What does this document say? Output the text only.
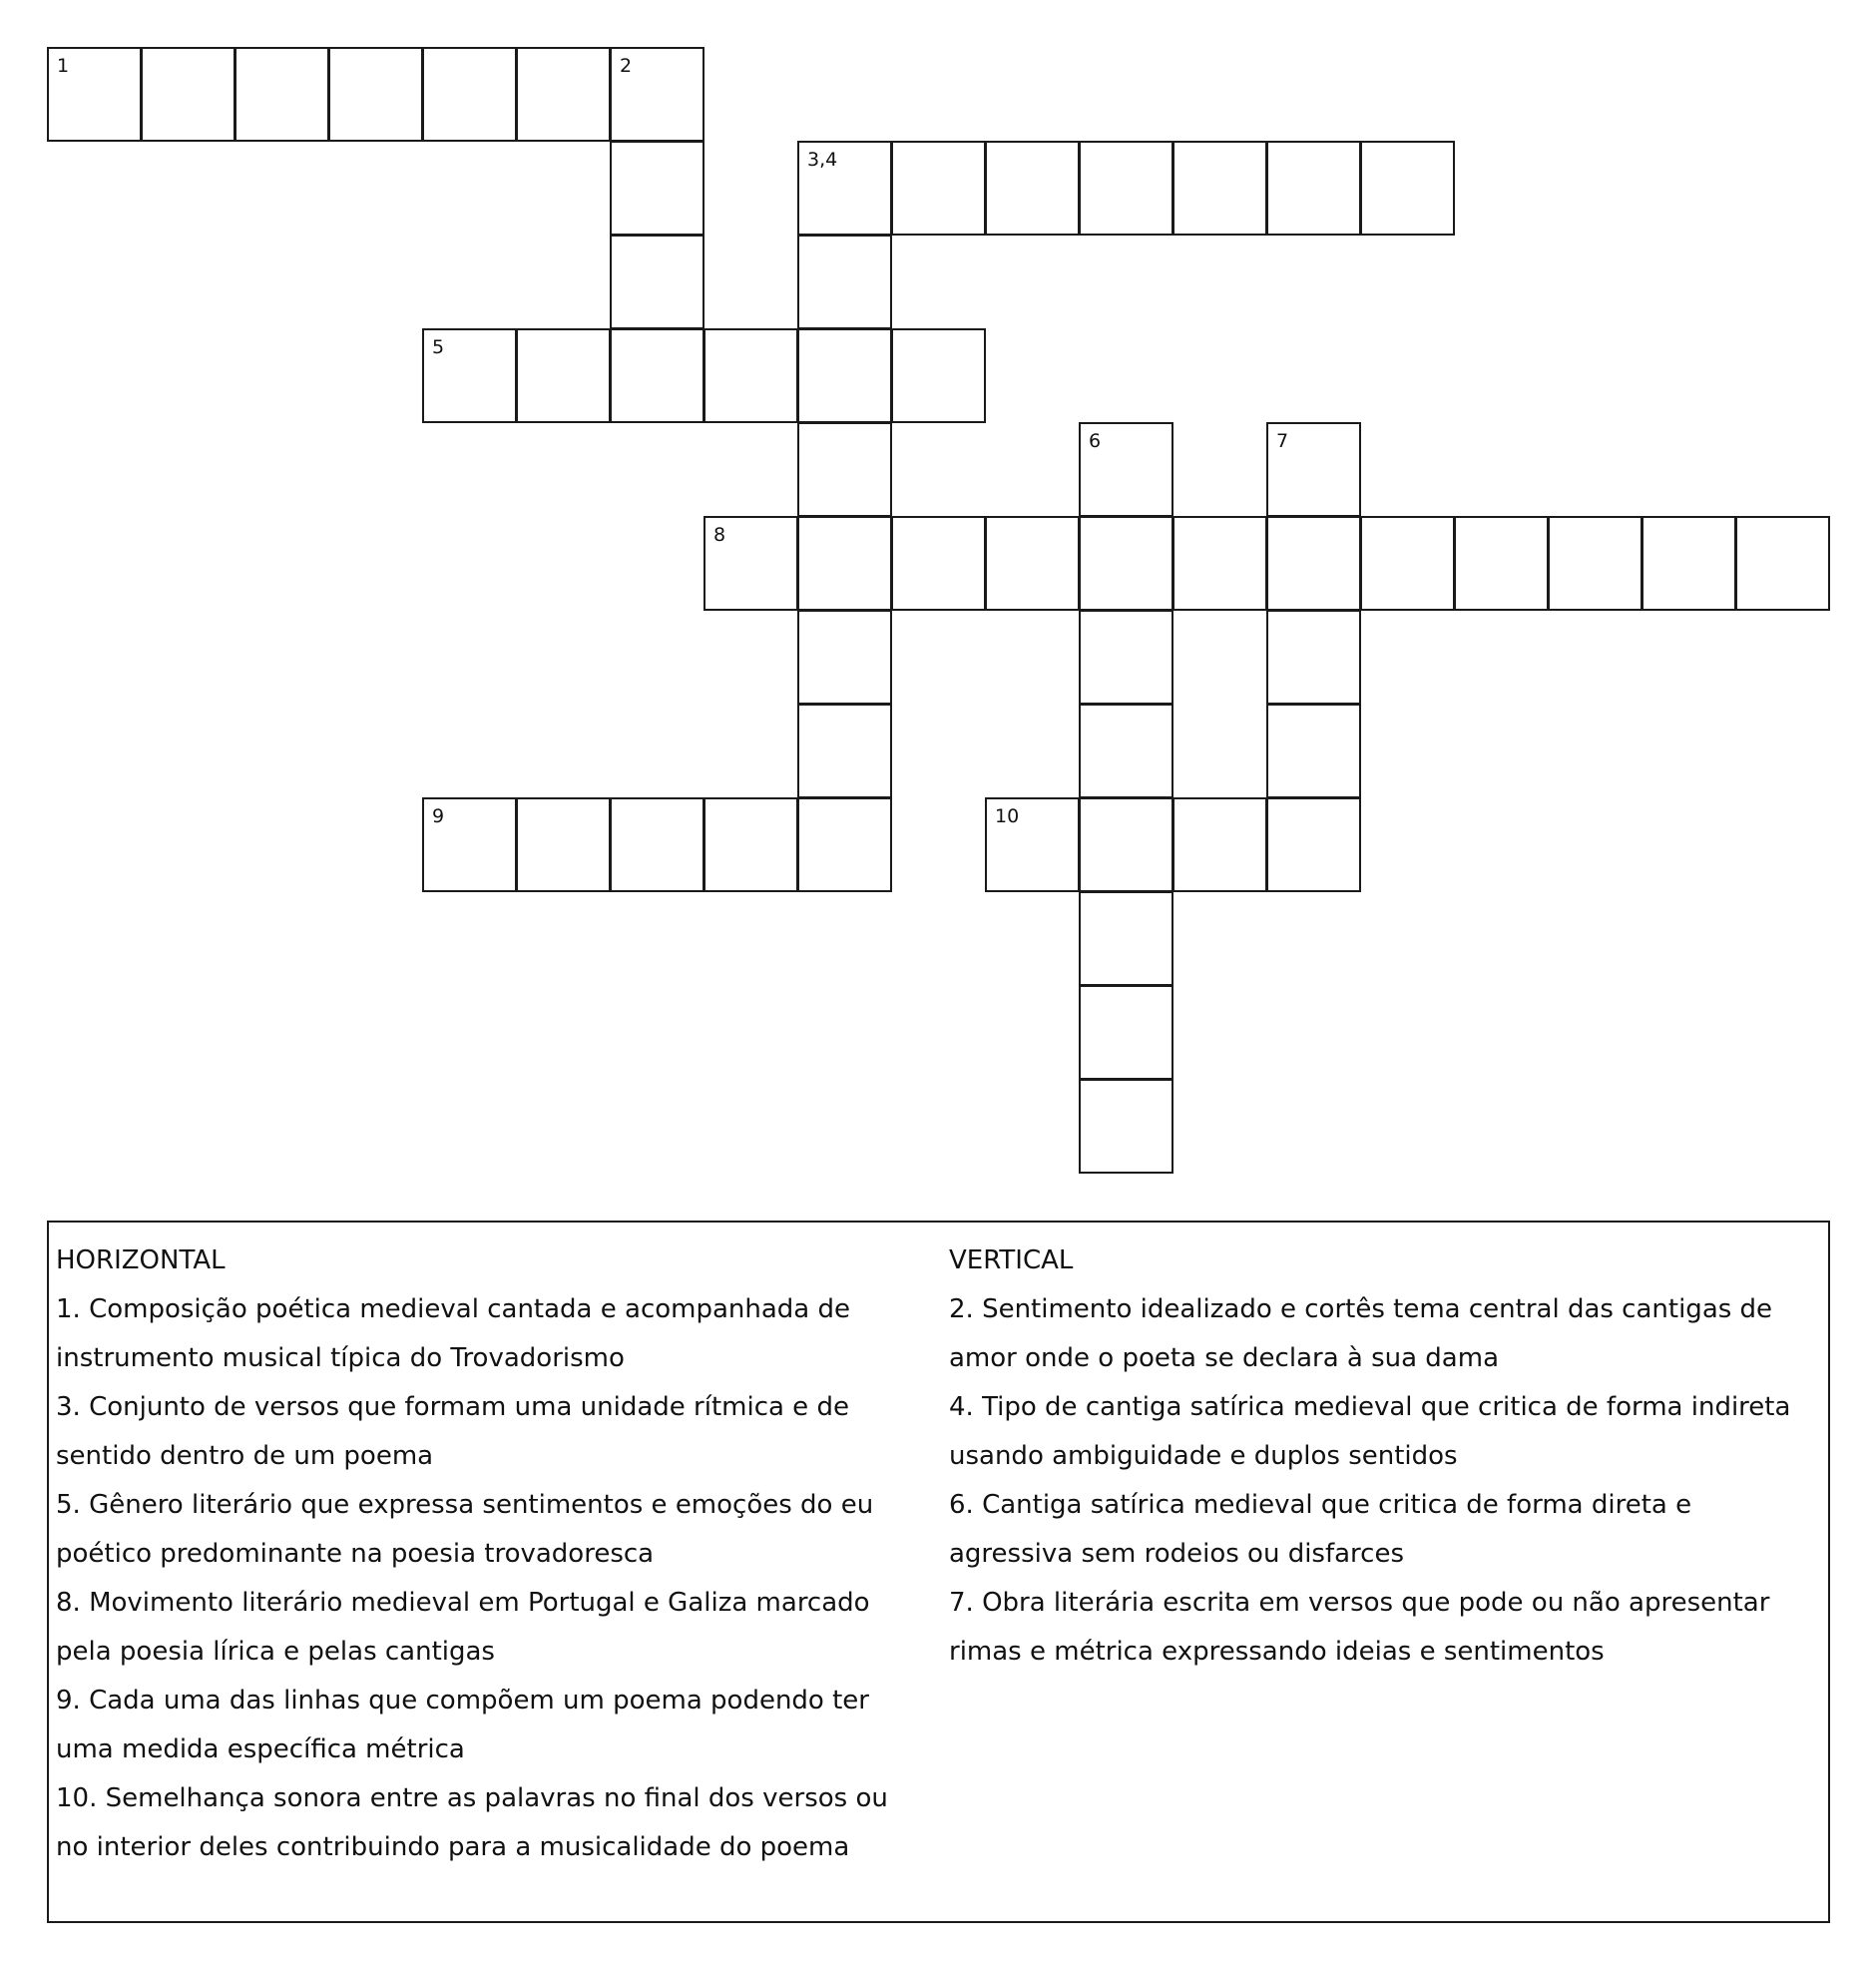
1	2
3,4
5
6	7
8
9	10
HORIZONTAL
1. Composição poética medieval cantada e acompanhada de
instrumento musical típica do Trovadorismo
3. Conjunto de versos que formam uma unidade rítmica e de
sentido dentro de um poema
5. Gênero literário que expressa sentimentos e emoções do eu
poético predominante na poesia trovadoresca
8. Movimento literário medieval em Portugal e Galiza marcado
pela poesia lírica e pelas cantigas
9. Cada uma das linhas que compõem um poema podendo ter
uma medida específica métrica
10. Semelhança sonora entre as palavras no final dos versos ou
no interior deles contribuindo para a musicalidade do poema
VERTICAL
2. Sentimento idealizado e cortês tema central das cantigas de
amor onde o poeta se declara à sua dama
4. Tipo de cantiga satírica medieval que critica de forma indireta
usando ambiguidade e duplos sentidos
6. Cantiga satírica medieval que critica de forma direta e
agressiva sem rodeios ou disfarces
7. Obra literária escrita em versos que pode ou não apresentar
rimas e métrica expressando ideias e sentimentos
